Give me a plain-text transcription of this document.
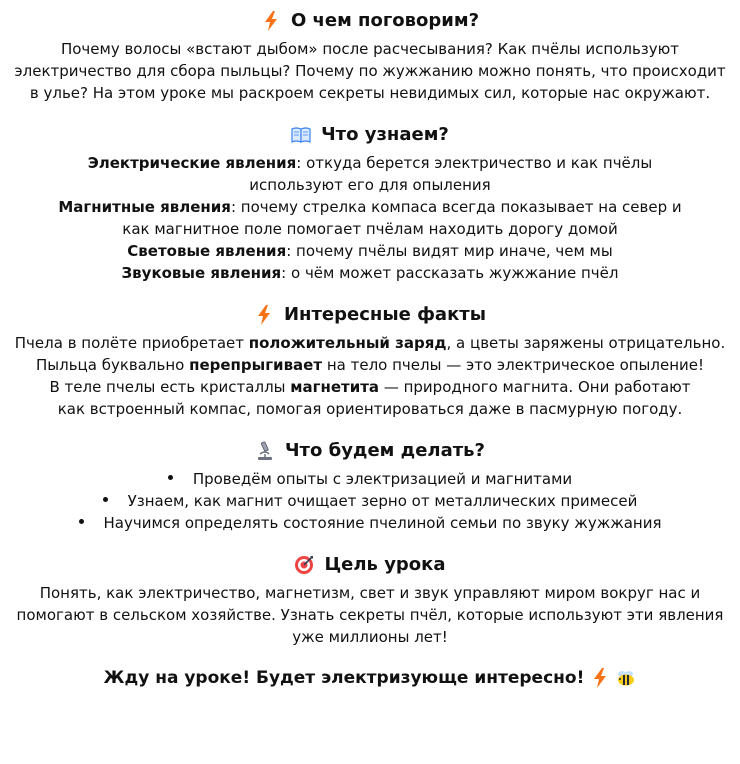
О чем поговорим?

Почему волосы «встают дыбом» после расчесывания? Как пчёлы используют электричество для сбора пыльцы? Почему по жужжанию можно понять, что происходит в улье? На этом уроке мы раскроем секреты невидимых сил, которые нас окружают.

Что узнаем?
Электрические явления: откуда берется электричество и как пчёлы используют его для опыления
Магнитные явления: почему стрелка компаса всегда показывает на север и как магнитное поле помогает пчёлам находить дорогу домой
Световые явления: почему пчёлы видят мир иначе, чем мы
Звуковые явления: о чём может рассказать жужжание пчёл
Интересные факты

Пчела в полёте приобретает положительный заряд, а цветы заряжены отрицательно.

Пыльца буквально перепрыгивает на тело пчелы — это электрическое опыление!

В теле пчелы есть кристаллы магнетита — природного магнита. Они работают как встроенный компас, помогая ориентироваться даже в пасмурную погоду.

Что будем делать?
Проведём опыты с электризацией и магнитами
Узнаем, как магнит очищает зерно от металлических примесей
Научимся определять состояние пчелиной семьи по звуку жужжания
Цель урока

Понять, как электричество, магнетизм, свет и звук управляют миром вокруг нас и помогают в сельском хозяйстве. Узнать секреты пчёл, которые используют эти явления уже миллионы лет!

Жду на уроке! Будет электризующе интересно!
